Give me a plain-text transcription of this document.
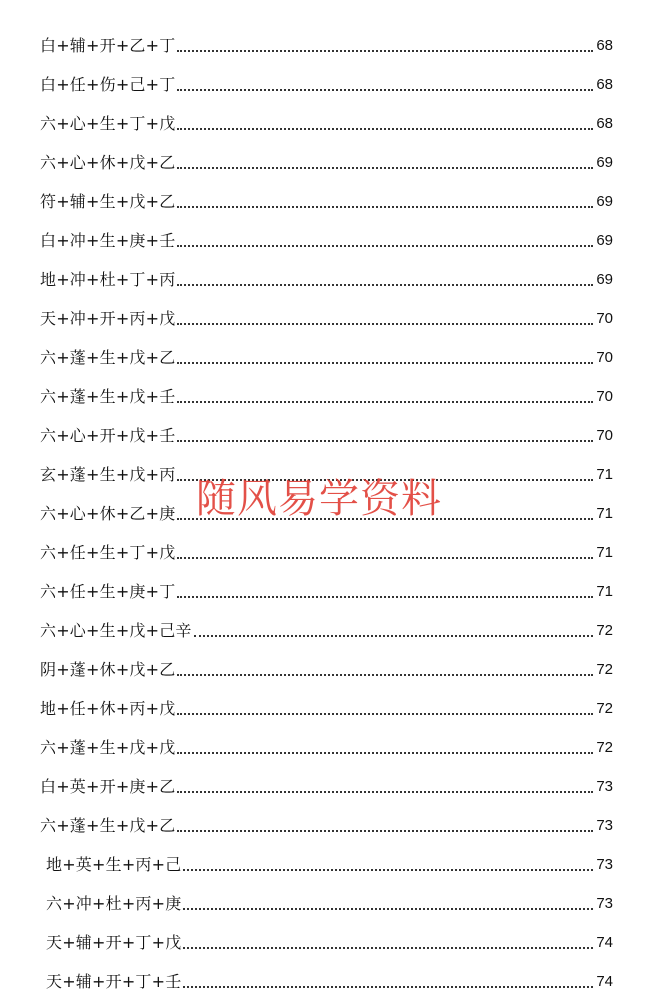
白+辅+开+乙+丁	68
白+任+伤+己+丁	68
六+心+生+丁+戊	68
六+心+休+戊+乙	69
符+辅+生+戊+乙	69
白+冲+生+庚+壬	69
地+冲+杜+丁+丙	69
天+冲+开+丙+戊	70
六+蓬+生+戊+乙	70
六+蓬+生+戊+壬	70
六+心+开+戊+壬	70
玄+蓬+生+戊+丙	71
六+心+休+乙+庚	71
六+任+生+丁+戊	71
六+任+生+庚+丁	71
六+心+生+戊+己辛	72
阴+蓬+休+戊+乙	72
地+任+休+丙+戊	72
六+蓬+生+戊+戊	72
白+英+开+庚+乙	73
六+蓬+生+戊+乙	73
地+英+生+丙+己	73
六+冲+杜+丙+庚	73
天+辅+开+丁+戊	74
天+辅+开+丁+壬	74
随风易学资料
